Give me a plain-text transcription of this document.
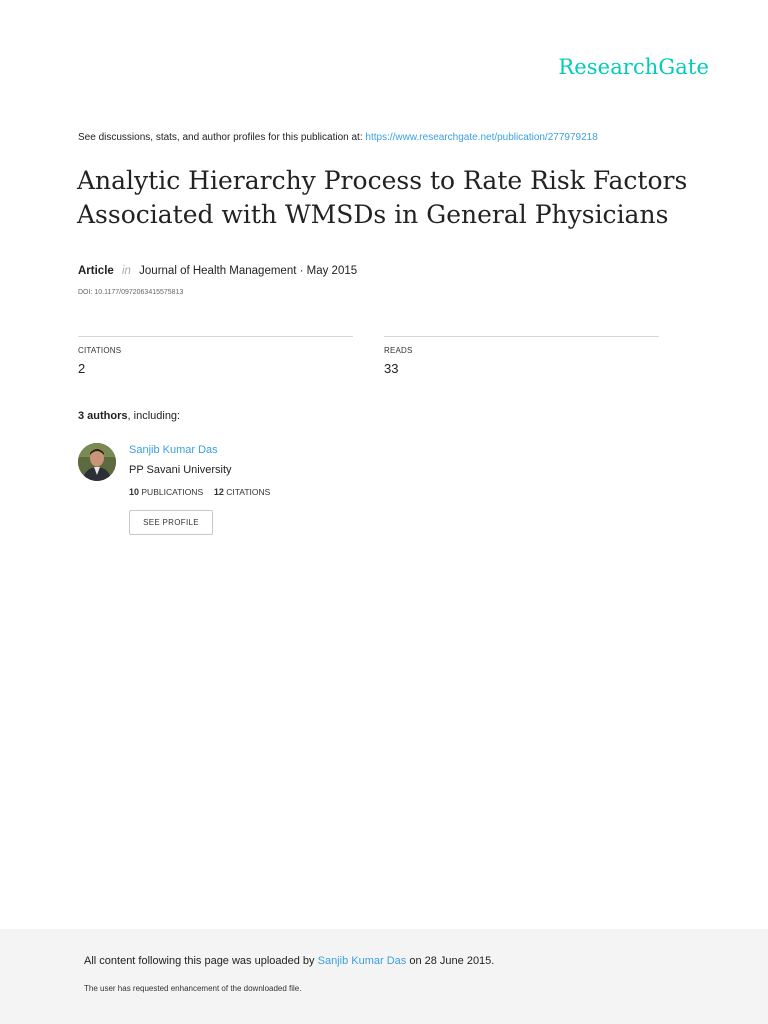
ResearchGate
See discussions, stats, and author profiles for this publication at: https://www.researchgate.net/publication/277979218
Analytic Hierarchy Process to Rate Risk Factors Associated with WMSDs in General Physicians
Article in Journal of Health Management · May 2015
DOI: 10.1177/0972063415575813
CITATIONS
2
READS
33
3 authors, including:
Sanjib Kumar Das
PP Savani University
10 PUBLICATIONS 12 CITATIONS
SEE PROFILE
All content following this page was uploaded by Sanjib Kumar Das on 28 June 2015.
The user has requested enhancement of the downloaded file.
